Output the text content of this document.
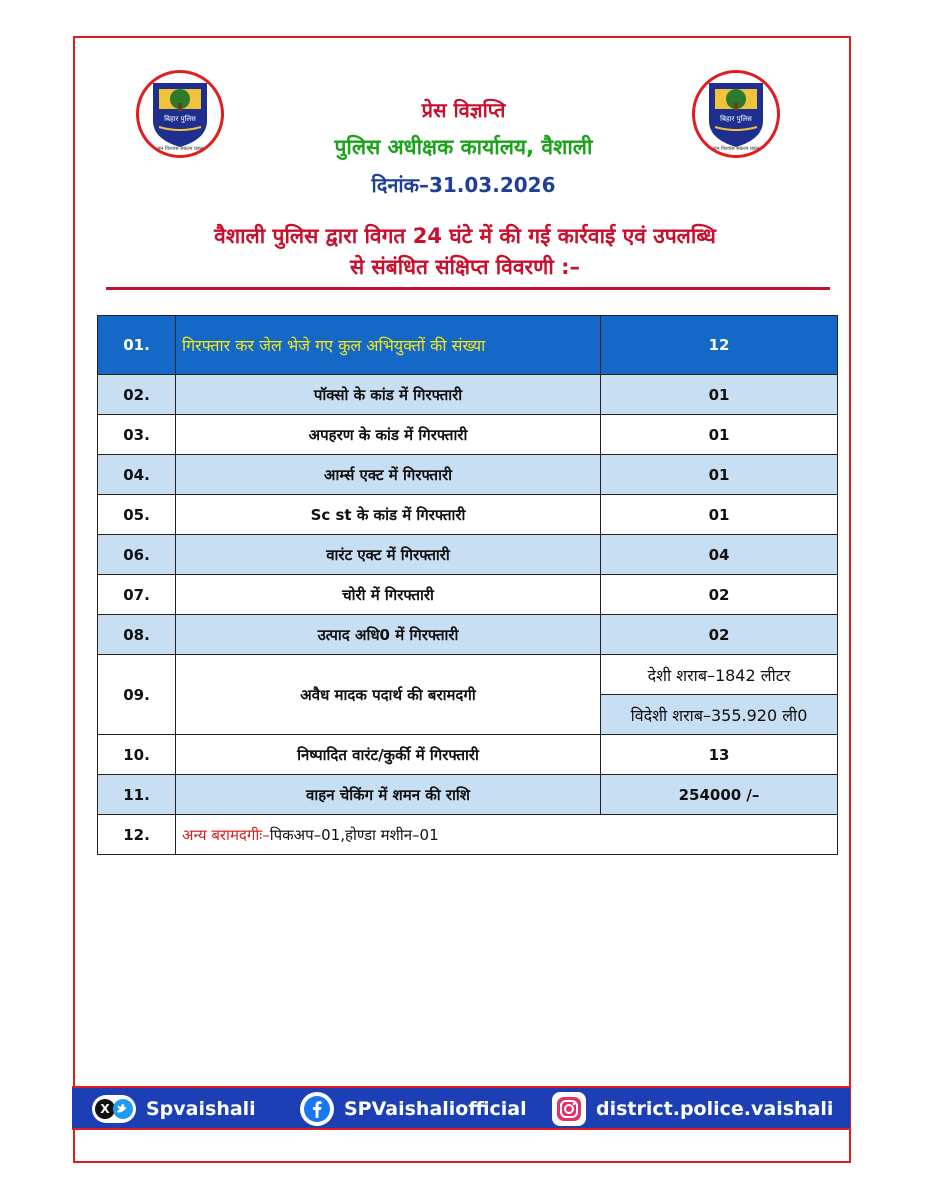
बिहार पुलिस
जन विश्वास संकल्प प्रबल
बिहार पुलिस
जन विश्वास संकल्प प्रबल
प्रेस विज्ञप्ति
पुलिस अधीक्षक कार्यालय, वैशाली
दिनांक–31.03.2026
वैशाली पुलिस द्वारा विगत 24 घंटे में की गई कार्रवाई एवं उपलब्धि
से संबंधित संक्षिप्त विवरणी :–
01.	गिरफ्तार कर जेल भेजे गए कुल अभियुक्तों की संख्या	12
02.	पॉक्सो के कांड में गिरफ्तारी	01
03.	अपहरण के कांड में गिरफ्तारी	01
04.	आर्म्स एक्ट में गिरफ्तारी	01
05.	Sc st के कांड में गिरफ्तारी	01
06.	वारंट एक्ट में गिरफ्तारी	04
07.	चोरी में गिरफ्तारी	02
08.	उत्पाद अधि0 में गिरफ्तारी	02
09.	अवैध मादक पदार्थ की बरामदगी	देशी शराब–1842 लीटर
		विदेशी शराब–355.920 ली0
10.	निष्पादित वारंट/कुर्की में गिरफ्तारी	13
11.	वाहन चेकिंग में शमन की राशि	254000 /–
12.	अन्य बरामदगीः–पिकअप–01,होण्डा मशीन–01	
X Spvaishali	SPVaishaliofficial	district.police.vaishali
